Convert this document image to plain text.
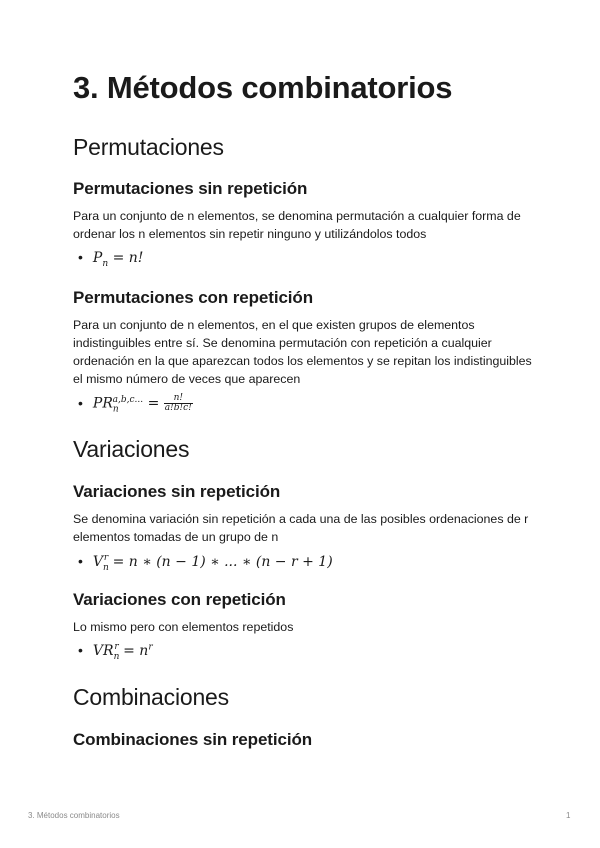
3. Métodos combinatorios
Permutaciones
Permutaciones sin repetición

Para un conjunto de n elementos, se denomina permutación a cualquier forma de ordenar los n elementos sin repetir ninguno y utilizándolos todos

• $P_n = n$!
Permutaciones con repetición

Para un conjunto de n elementos, en el que existen grupos de elementos indistinguibles entre sí. Se denomina permutación con repetición a cualquier ordenación en la que aparezcan todos los elementos y se repitan los indistinguibles el mismo número de veces que aparecen

• $PR_n^{a,b,c...} = \frac{n!}{a!b!c!}$
Variaciones
Variaciones sin repetición

Se denomina variación sin repetición a cada una de las posibles ordenaciones de r elementos tomadas de un grupo de n

• $V_n^r = n$ ∗ (n − 1) ∗ ... ∗ (n − r + 1)
Variaciones con repetición

Lo mismo pero con elementos repetidos

• $VR_n^r = n^r$
Combinaciones
Combinaciones sin repetición
3. Métodos combinatorios	1
